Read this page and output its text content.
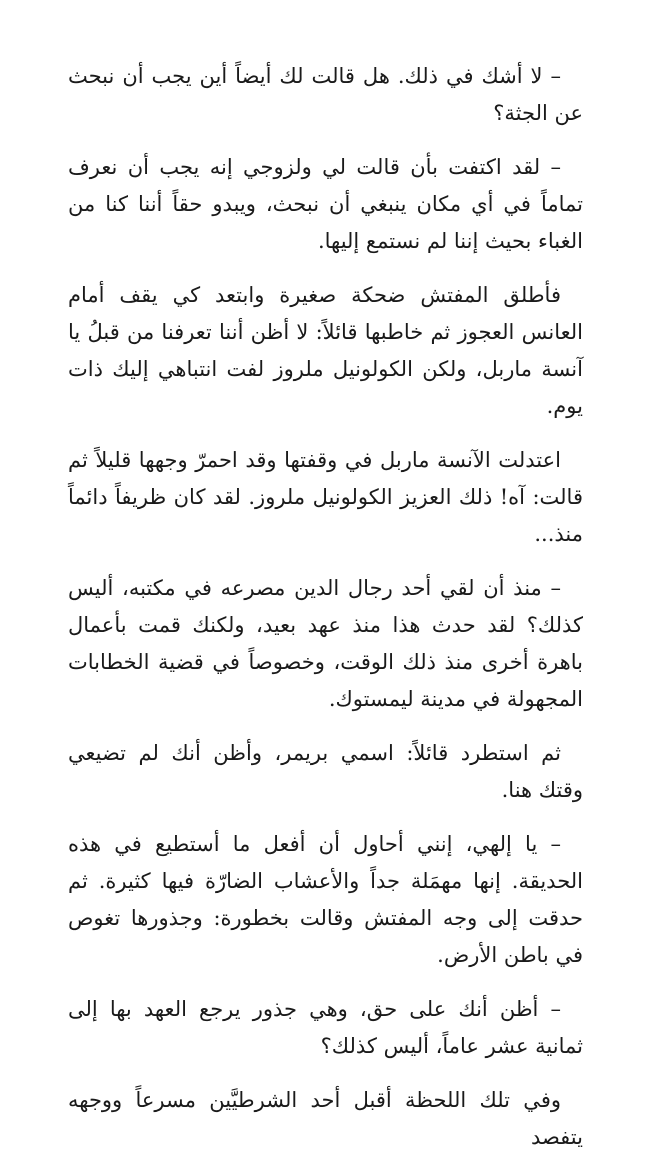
– لا أشك في ذلك. هل قالت لك أيضاً أين يجب أن نبحث عن الجثة؟

– لقد اكتفت بأن قالت لي ولزوجي إنه يجب أن نعرف تماماً في أي مكان ينبغي أن نبحث، ويبدو حقاً أننا كنا من الغباء بحيث إننا لم نستمع إليها.

فأطلق المفتش ضحكة صغيرة وابتعد كي يقف أمام العانس العجوز ثم خاطبها قائلاً: لا أظن أننا تعرفنا من قبلُ يا آنسة ماربل، ولكن الكولونيل ملروز لفت انتباهي إليك ذات يوم.

اعتدلت الآنسة ماربل في وقفتها وقد احمرّ وجهها قليلاً ثم قالت: آه! ذلك العزيز الكولونيل ملروز. لقد كان ظريفاً دائماً منذ...

– منذ أن لقي أحد رجال الدين مصرعه في مكتبه، أليس كذلك؟ لقد حدث هذا منذ عهد بعيد، ولكنك قمت بأعمال باهرة أخرى منذ ذلك الوقت، وخصوصاً في قضية الخطابات المجهولة في مدينة ليمستوك.

ثم استطرد قائلاً: اسمي بريمر، وأظن أنك لم تضيعي وقتك هنا.

– يا إلهي، إنني أحاول أن أفعل ما أستطيع في هذه الحديقة. إنها مهمَلة جداً والأعشاب الضارّة فيها كثيرة. ثم حدقت إلى وجه المفتش وقالت بخطورة: وجذورها تغوص في باطن الأرض.

– أظن أنك على حق، وهي جذور يرجع العهد بها إلى ثمانية عشر عاماً، أليس كذلك؟

وفي تلك اللحظة أقبل أحد الشرطيَّين مسرعاً ووجهه يتفصد
